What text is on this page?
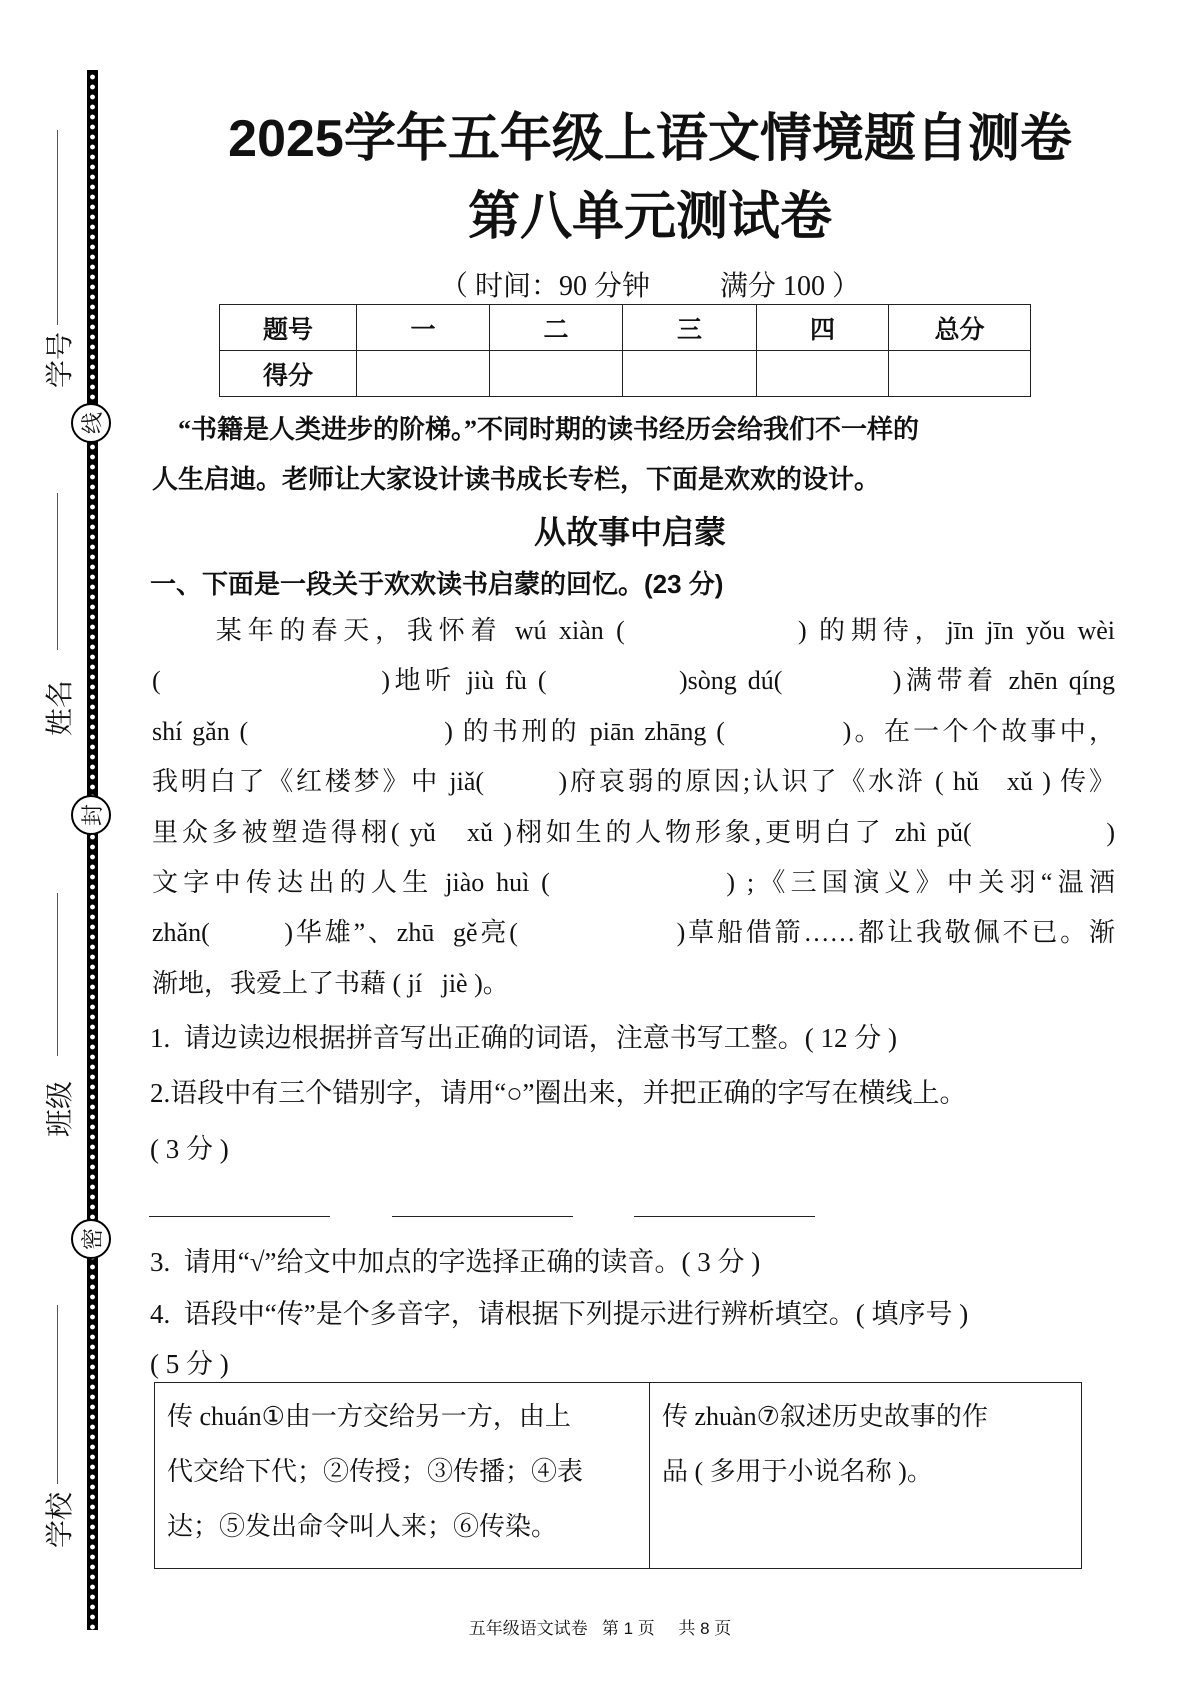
学号
线
姓名
封
班级
密
学校
2025学年五年级上语文情境题自测卷
第八单元测试卷
（ 时间：90 分钟          满分 100 ）
题号	一	二	三	四	总分
得分					
　“书籍是人类进步的阶梯。”不同时期的读书经历会给我们不一样的
人生启迪。老师让大家设计读书成长专栏，下面是欢欢的设计。
从故事中启蒙
一、下面是一段关于欢欢读书启蒙的回忆。(23 分)
　　某年的春天，我怀着 wú xiàn (              ) 的期待，jīn jīn yǒu wèi
(                    )地听 jiù fù (            )sòng dú(          )满带着 zhēn qíng
shí gǎn (                    ) 的书刑的 piān zhāng (            )。在一个个故事中，
我明白了《红楼梦》中 jiǎ(        )府哀弱的原因;认识了《水浒 ( hǔ   xǔ ) 传》
里众多被塑造得栩( yǔ   xǔ )栩如生的人物形象,更明白了 zhì pǔ(             )
文字中传达出的人生 jiào huì (               ) ;《三国演义》中关羽“温酒
zhǎn(        )华雄”、zhū  gě亮(                 )草船借箭……都让我敬佩不已。渐
渐地，我爱上了书藉 ( jí   jiè )。
1.  请边读边根据拼音写出正确的词语，注意书写工整。( 12 分 )
2.语段中有三个错别字，请用“○”圈出来，并把正确的字写在横线上。
( 3 分 )
3.  请用“√”给文中加点的字选择正确的读音。( 3 分 )
4.  语段中“传”是个多音字，请根据下列提示进行辨析填空。( 填序号 )
( 5 分 )
传 chuán①由一方交给另一方，由上
代交给下代；②传授；③传播；④表
达；⑤发出命令叫人来；⑥传染。
传 zhuàn⑦叙述历史故事的作
品 ( 多用于小说名称 )。
五年级语文试卷   第 1 页     共 8 页
